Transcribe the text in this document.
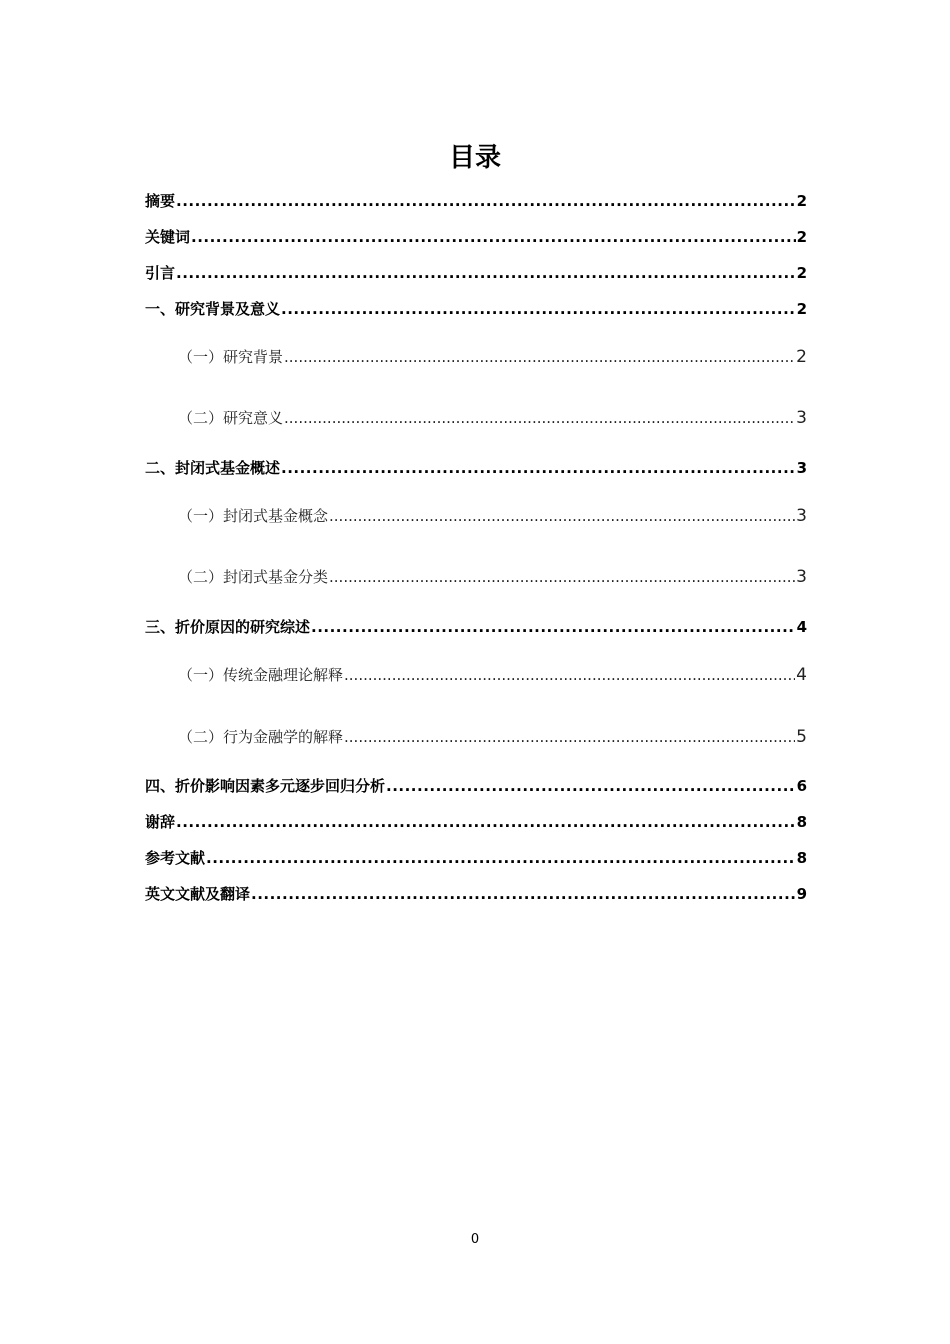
目录
摘要 .....	2
关键词 .....	2
引言 .....	2
一、研究背景及意义 .....	2
（一）研究背景 .....	2
（二）研究意义 .....	3
二、封闭式基金概述 .....	3
（一）封闭式基金概念 .....	3
（二）封闭式基金分类 .....	3
三、折价原因的研究综述 .....	4
（一）传统金融理论解释 .....	4
（二）行为金融学的解释 .....	5
四、折价影响因素多元逐步回归分析 .....	6
谢辞 .....	8
参考文献 .....	8
英文文献及翻译 .....	9
0
